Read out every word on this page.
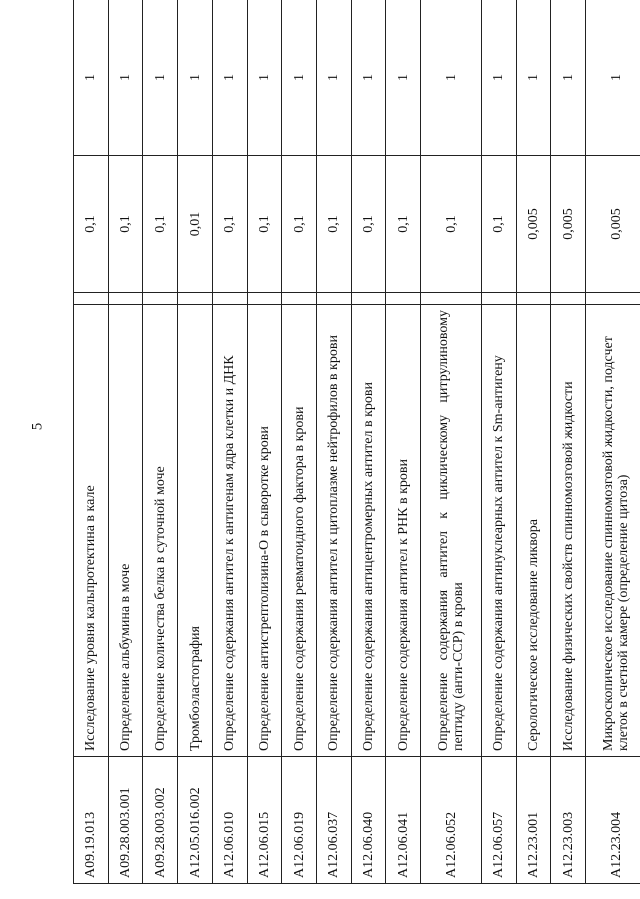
5
A09.19.013	Исследование уровня кальпротектина в кале		0,1	1
A09.28.003.001	Определение альбумина в моче		0,1	1
A09.28.003.002	Определение количества белка в суточной моче		0,1	1
A12.05.016.002	Тромбоэластография		0,01	1
A12.06.010	Определение содержания антител к антигенам ядра клетки и ДНК		0,1	1
A12.06.015	Определение антистрептолизина-О в сыворотке крови		0,1	1
A12.06.019	Определение содержания ревматоидного фактора в крови		0,1	1
A12.06.037	Определение содержания антител к цитоплазме нейтрофилов в крови		0,1	1
A12.06.040	Определение содержания антицентромерных антител в крови		0,1	1
A12.06.041	Определение содержания антител к РНК в крови		0,1	1
A12.06.052	Определение содержания антител к циклическому цитрулиновому пептиду (анти-ССР) в крови		0,1	1
A12.06.057	Определение содержания антинуклеарных антител к Sm-антигену		0,1	1
A12.23.001	Серологическое исследование ликвора		0,005	1
A12.23.003	Исследование физических свойств спинномозговой жидкости		0,005	1
A12.23.004	Микроскопическое исследование спинномозговой жидкости, подсчет клеток в счетной камере (определение цитоза)		0,005	1
